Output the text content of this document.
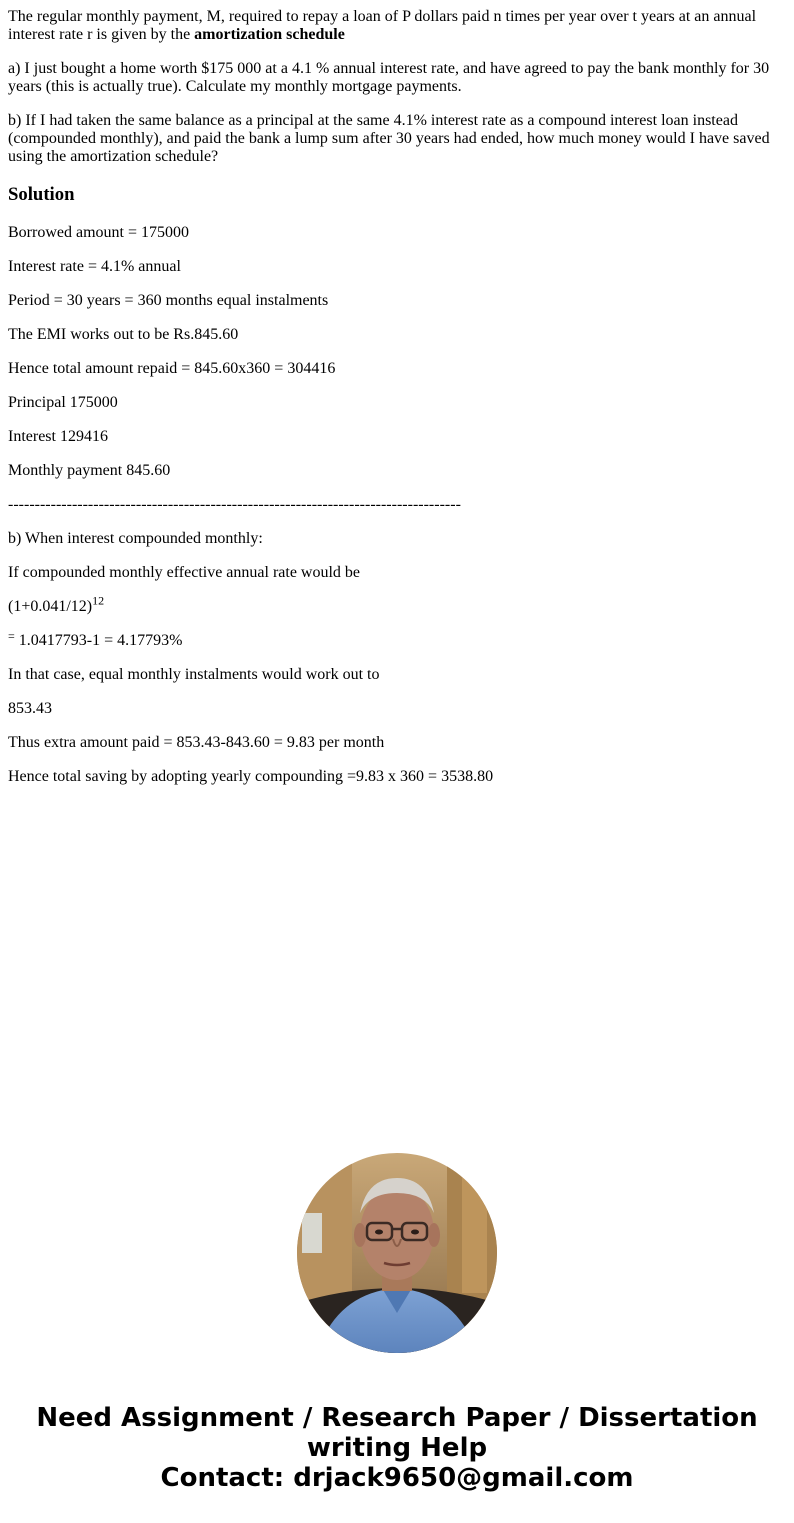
The regular monthly payment, M, required to repay a loan of P dollars paid n times per year over t years at an annual interest rate r is given by the amortization schedule

a) I just bought a home worth $175 000 at a 4.1 % annual interest rate, and have agreed to pay the bank monthly for 30 years (this is actually true). Calculate my monthly mortgage payments.

b) If I had taken the same balance as a principal at the same 4.1% interest rate as a compound interest loan instead (compounded monthly), and paid the bank a lump sum after 30 years had ended, how much money would I have saved using the amortization schedule?

Solution

Borrowed amount = 175000

Interest rate = 4.1% annual

Period = 30 years = 360 months equal instalments

The EMI works out to be Rs.845.60

Hence total amount repaid = 845.60x360 = 304416

Principal 175000

Interest 129416

Monthly payment 845.60

-------------------------------------------------------------------------------------

b) When interest compounded monthly:

If compounded monthly effective annual rate would be

$(1+0.041/12)^{12}$

= 1.0417793-1 = 4.17793%

In that case, equal monthly instalments would work out to

853.43

Thus extra amount paid = 853.43-843.60 = 9.83 per month

Hence total saving by adopting yearly compounding =9.83 x 360 = 3538.80

Need Assignment / Research Paper / Dissertation
writing Help
Contact: drjack9650@gmail.com
